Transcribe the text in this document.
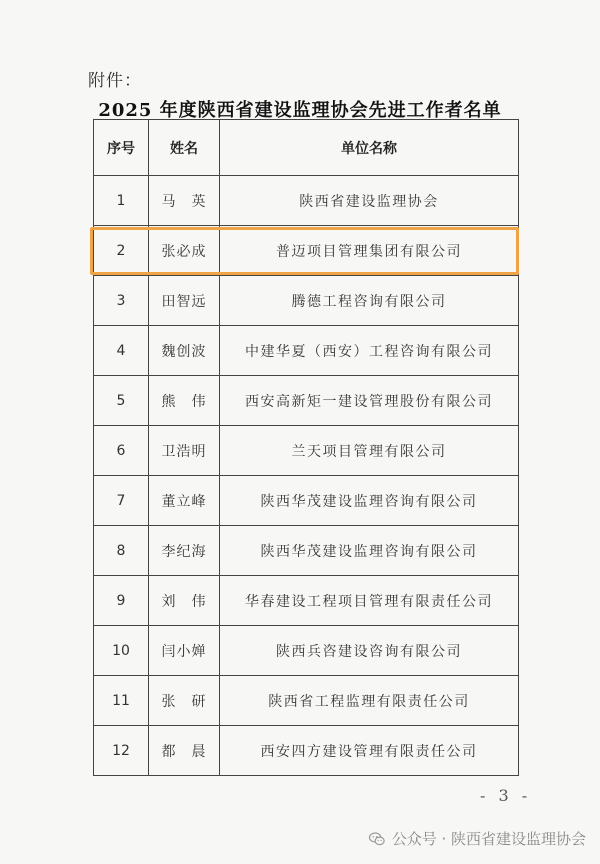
附件：
2025 年度陕西省建设监理协会先进工作者名单
序号	姓名	单位名称
1	马　英	陕西省建设监理协会
2	张必成	普迈项目管理集团有限公司
3	田智远	腾德工程咨询有限公司
4	魏创波	中建华夏（西安）工程咨询有限公司
5	熊　伟	西安高新矩一建设管理股份有限公司
6	卫浩明	兰天项目管理有限公司
7	董立峰	陕西华茂建设监理咨询有限公司
8	李纪海	陕西华茂建设监理咨询有限公司
9	刘　伟	华春建设工程项目管理有限责任公司
10	闫小婵	陕西兵咨建设咨询有限公司
11	张　研	陕西省工程监理有限责任公司
12	都　晨	西安四方建设管理有限责任公司
- 3 -
公众号 · 陕西省建设监理协会
